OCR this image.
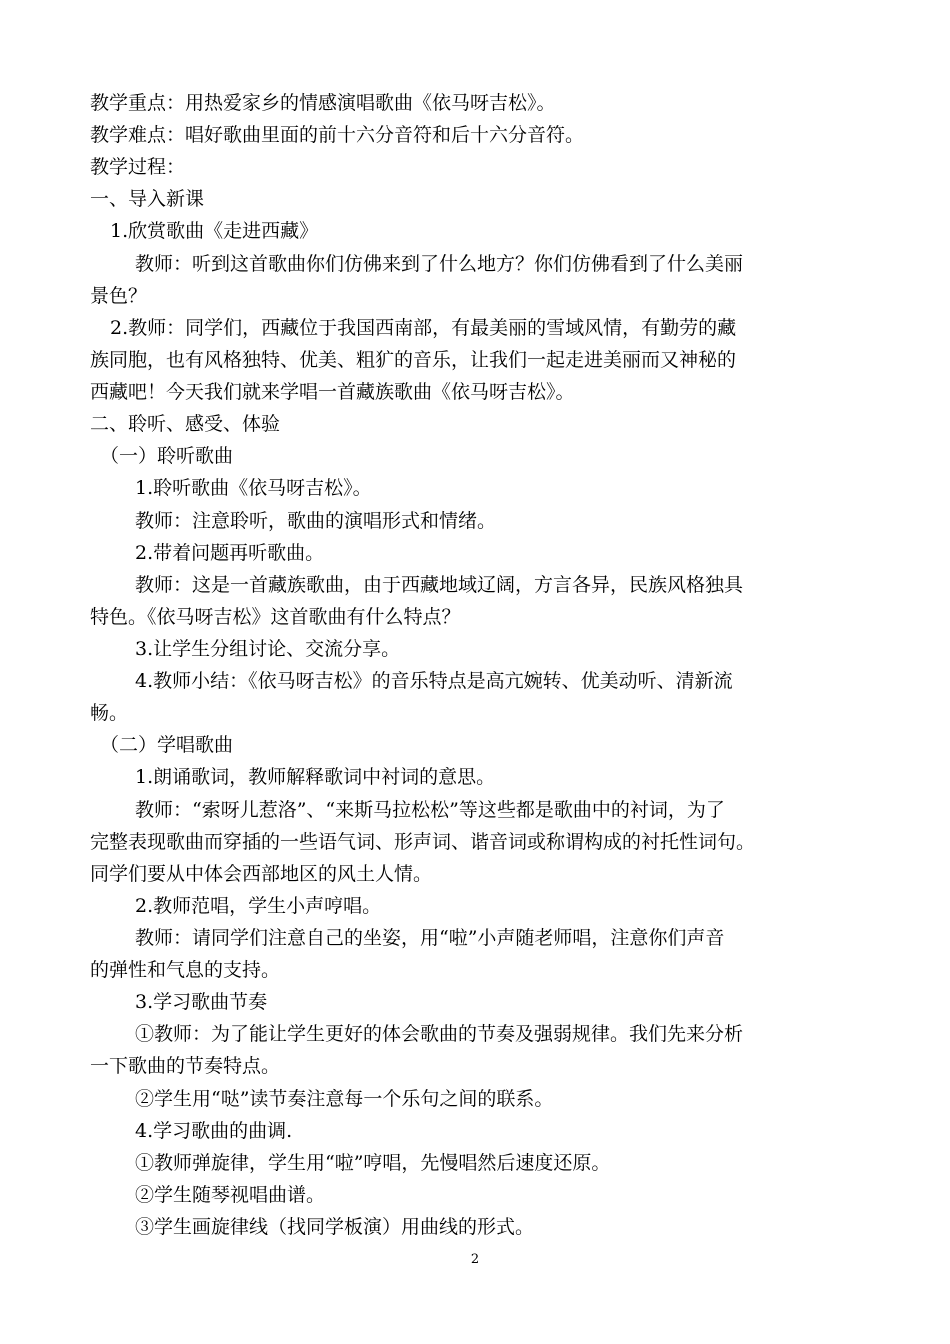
教学重点：用热爱家乡的情感演唱歌曲《依马呀吉松》。
教学难点：唱好歌曲里面的前十六分音符和后十六分音符。
教学过程：
一、导入新课
1.欣赏歌曲《走进西藏》
教师：听到这首歌曲你们仿佛来到了什么地方？你们仿佛看到了什么美丽
景色？
2.教师：同学们，西藏位于我国西南部，有最美丽的雪域风情，有勤劳的藏
族同胞，也有风格独特、优美、粗犷的音乐，让我们一起走进美丽而又神秘的
西藏吧！今天我们就来学唱一首藏族歌曲《依马呀吉松》。
二、聆听、感受、体验
（一）聆听歌曲
1.聆听歌曲《依马呀吉松》。
教师：注意聆听，歌曲的演唱形式和情绪。
2.带着问题再听歌曲。
教师：这是一首藏族歌曲，由于西藏地域辽阔，方言各异，民族风格独具
特色。《依马呀吉松》这首歌曲有什么特点？
3.让学生分组讨论、交流分享。
4.教师小结：《依马呀吉松》的音乐特点是高亢婉转、优美动听、清新流
畅。
（二）学唱歌曲
1.朗诵歌词，教师解释歌词中衬词的意思。
教师：“索呀儿惹洛”、“来斯马拉松松”等这些都是歌曲中的衬词，为了
完整表现歌曲而穿插的一些语气词、形声词、谐音词或称谓构成的衬托性词句。
同学们要从中体会西部地区的风土人情。
2.教师范唱，学生小声哼唱。
教师：请同学们注意自己的坐姿，用“啦”小声随老师唱，注意你们声音
的弹性和气息的支持。
3.学习歌曲节奏
①教师：为了能让学生更好的体会歌曲的节奏及强弱规律。我们先来分析
一下歌曲的节奏特点。
②学生用“哒”读节奏注意每一个乐句之间的联系。
4.学习歌曲的曲调.
①教师弹旋律，学生用“啦”哼唱，先慢唱然后速度还原。
②学生随琴视唱曲谱。
③学生画旋律线（找同学板演）用曲线的形式。
2
